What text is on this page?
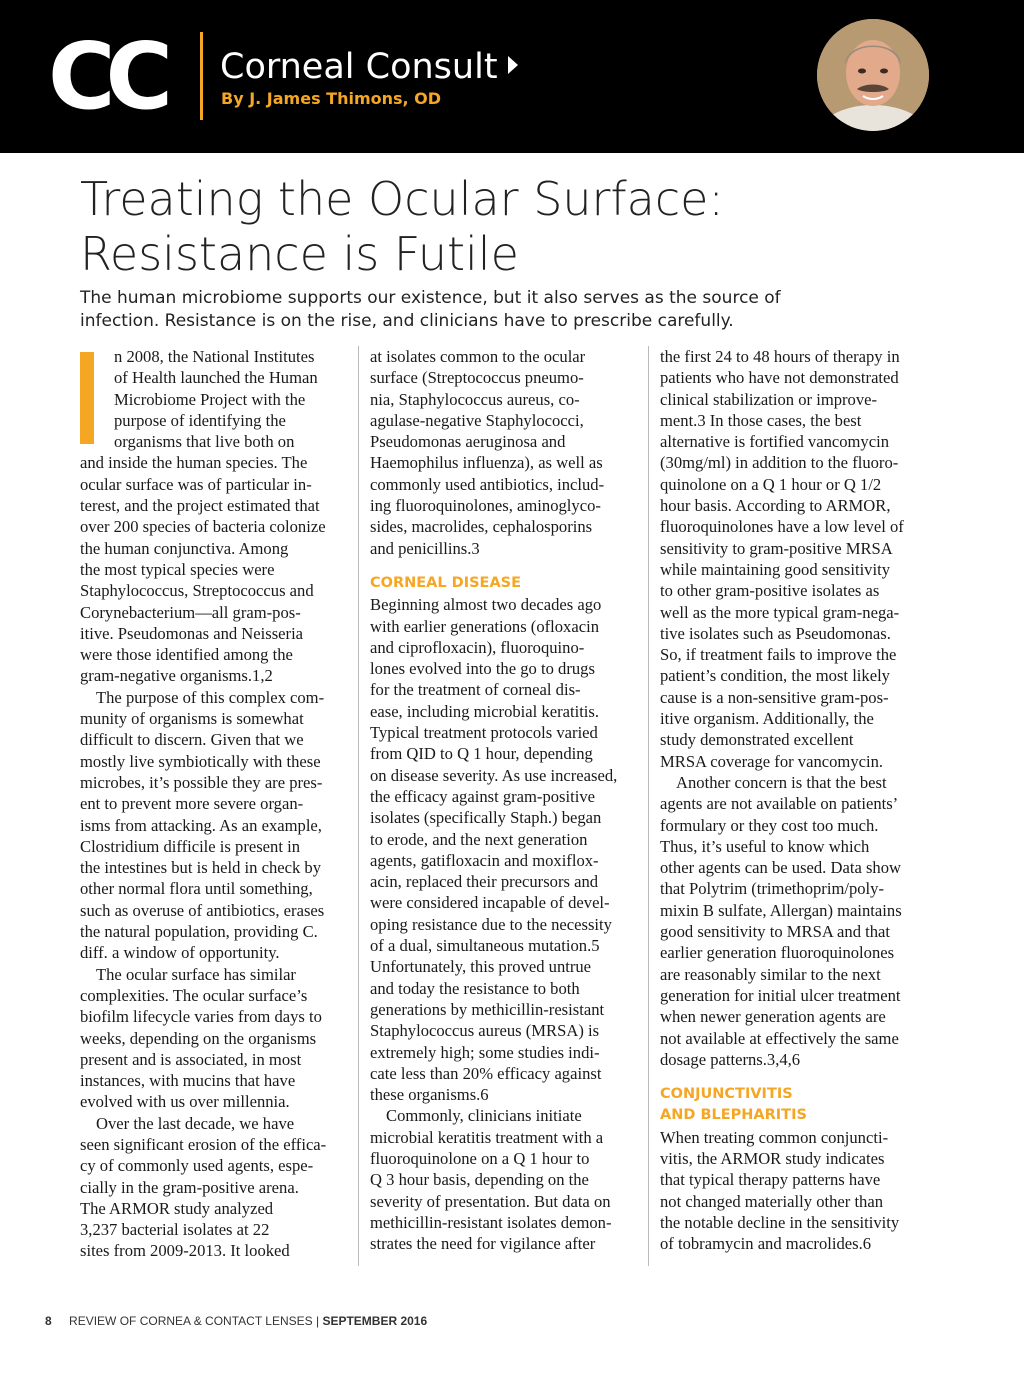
CC Corneal Consult
By J. James Thimons, OD
Treating the Ocular Surface:
Resistance is Futile

The human microbiome supports our existence, but it also serves as the source of
infection. Resistance is on the rise, and clinicians have to prescribe carefully.

n 2008, the National Institutes
of Health launched the Human
Microbiome Project with the
purpose of identifying the
organisms that live both on
and inside the human species. The
ocular surface was of particular in-
terest, and the project estimated that
over 200 species of bacteria colonize
the human conjunctiva. Among
the most typical species were
Staphylococcus, Streptococcus and
Corynebacterium—all gram-pos-
itive. Pseudomonas and Neisseria
were those identified among the
gram-negative organisms.1,2
The purpose of this complex com-
munity of organisms is somewhat
difficult to discern. Given that we
mostly live symbiotically with these
microbes, it’s possible they are pres-
ent to prevent more severe organ-
isms from attacking. As an example,
Clostridium difficile is present in
the intestines but is held in check by
other normal flora until something,
such as overuse of antibiotics, erases
the natural population, providing C.
diff. a window of opportunity.
The ocular surface has similar
complexities. The ocular surface’s
biofilm lifecycle varies from days to
weeks, depending on the organisms
present and is associated, in most
instances, with mucins that have
evolved with us over millennia.
Over the last decade, we have
seen significant erosion of the effica-
cy of commonly used agents, espe-
cially in the gram-positive arena.
The ARMOR study analyzed
3,237 bacterial isolates at 22
sites from 2009-2013. It looked
at isolates common to the ocular
surface (Streptococcus pneumo-
nia, Staphylococcus aureus, co-
agulase-negative Staphylococci,
Pseudomonas aeruginosa and
Haemophilus influenza), as well as
commonly used antibiotics, includ-
ing fluoroquinolones, aminoglyco-
sides, macrolides, cephalosporins
and penicillins.3
CORNEAL DISEASE
Beginning almost two decades ago
with earlier generations (ofloxacin
and ciprofloxacin), fluoroquino-
lones evolved into the go to drugs
for the treatment of corneal dis-
ease, including microbial keratitis.
Typical treatment protocols varied
from QID to Q 1 hour, depending
on disease severity. As use increased,
the efficacy against gram-positive
isolates (specifically Staph.) began
to erode, and the next generation
agents, gatifloxacin and moxiflox-
acin, replaced their precursors and
were considered incapable of devel-
oping resistance due to the necessity
of a dual, simultaneous mutation.5
Unfortunately, this proved untrue
and today the resistance to both
generations by methicillin-resistant
Staphylococcus aureus (MRSA) is
extremely high; some studies indi-
cate less than 20% efficacy against
these organisms.6
Commonly, clinicians initiate
microbial keratitis treatment with a
fluoroquinolone on a Q 1 hour to
Q 3 hour basis, depending on the
severity of presentation. But data on
methicillin-resistant isolates demon-
strates the need for vigilance after
the first 24 to 48 hours of therapy in
patients who have not demonstrated
clinical stabilization or improve-
ment.3 In those cases, the best
alternative is fortified vancomycin
(30mg/ml) in addition to the fluoro-
quinolone on a Q 1 hour or Q 1/2
hour basis. According to ARMOR,
fluoroquinolones have a low level of
sensitivity to gram-positive MRSA
while maintaining good sensitivity
to other gram-positive isolates as
well as the more typical gram-nega-
tive isolates such as Pseudomonas.
So, if treatment fails to improve the
patient’s condition, the most likely
cause is a non-sensitive gram-pos-
itive organism. Additionally, the
study demonstrated excellent
MRSA coverage for vancomycin.
Another concern is that the best
agents are not available on patients’
formulary or they cost too much.
Thus, it’s useful to know which
other agents can be used. Data show
that Polytrim (trimethoprim/poly-
mixin B sulfate, Allergan) maintains
good sensitivity to MRSA and that
earlier generation fluoroquinolones
are reasonably similar to the next
generation for initial ulcer treatment
when newer generation agents are
not available at effectively the same
dosage patterns.3,4,6
CONJUNCTIVITIS
AND BLEPHARITIS
When treating common conjuncti-
vitis, the ARMOR study indicates
that typical therapy patterns have
not changed materially other than
the notable decline in the sensitivity
of tobramycin and macrolides.6
8 REVIEW OF CORNEA & CONTACT LENSES | SEPTEMBER 2016
